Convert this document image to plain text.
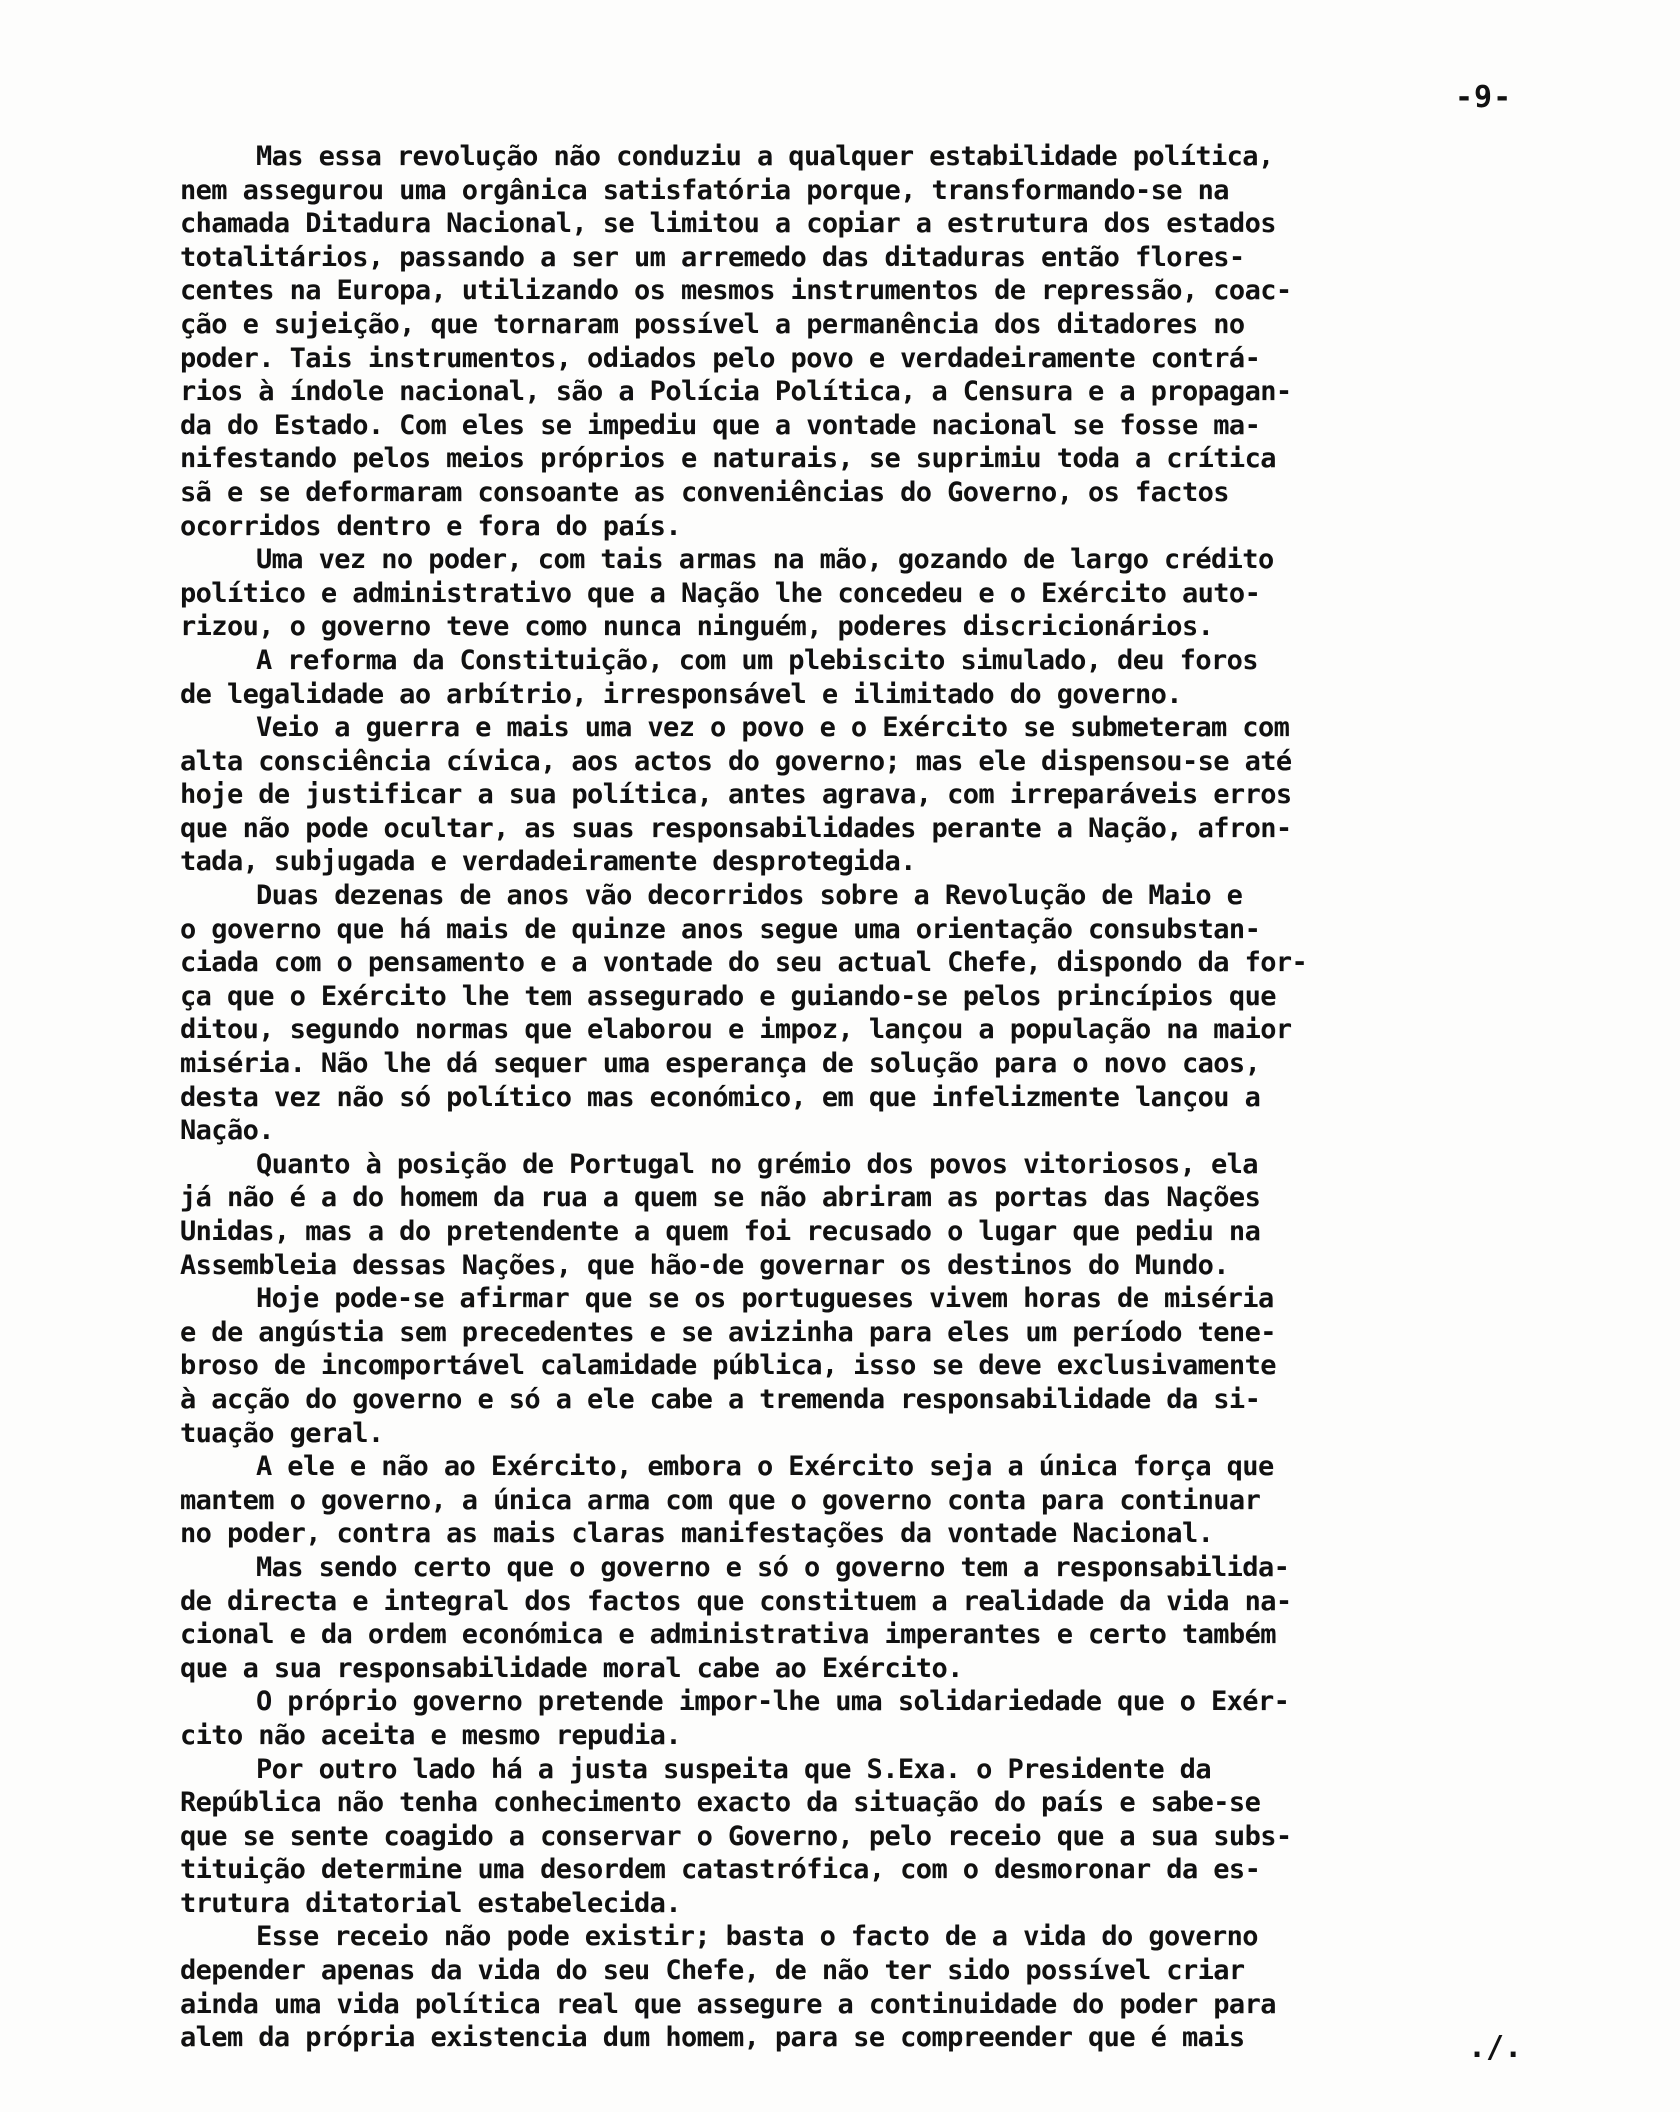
-9-
Mas essa revolução não conduziu a qualquer estabilidade política,
nem assegurou uma orgânica satisfatória porque, transformando-se na
chamada Ditadura Nacional, se limitou a copiar a estrutura dos estados
totalitários, passando a ser um arremedo das ditaduras então flores-
centes na Europa, utilizando os mesmos instrumentos de repressão, coac-
ção e sujeição, que tornaram possível a permanência dos ditadores no
poder. Tais instrumentos, odiados pelo povo e verdadeiramente contrá-
rios à índole nacional, são a Polícia Política, a Censura e a propagan-
da do Estado. Com eles se impediu que a vontade nacional se fosse ma-
nifestando pelos meios próprios e naturais, se suprimiu toda a crítica
sã e se deformaram consoante as conveniências do Governo, os factos
ocorridos dentro e fora do país.
Uma vez no poder, com tais armas na mão, gozando de largo crédito
político e administrativo que a Nação lhe concedeu e o Exército auto-
rizou, o governo teve como nunca ninguém, poderes discricionários.
A reforma da Constituição, com um plebiscito simulado, deu foros
de legalidade ao arbítrio, irresponsável e ilimitado do governo.
Veio a guerra e mais uma vez o povo e o Exército se submeteram com
alta consciência cívica, aos actos do governo; mas ele dispensou-se até
hoje de justificar a sua política, antes agrava, com irreparáveis erros
que não pode ocultar, as suas responsabilidades perante a Nação, afron-
tada, subjugada e verdadeiramente desprotegida.
Duas dezenas de anos vão decorridos sobre a Revolução de Maio e
o governo que há mais de quinze anos segue uma orientação consubstan-
ciada com o pensamento e a vontade do seu actual Chefe, dispondo da for-
ça que o Exército lhe tem assegurado e guiando-se pelos princípios que
ditou, segundo normas que elaborou e impoz, lançou a população na maior
miséria. Não lhe dá sequer uma esperança de solução para o novo caos,
desta vez não só político mas económico, em que infelizmente lançou a
Nação.
Quanto à posição de Portugal no grémio dos povos vitoriosos, ela
já não é a do homem da rua a quem se não abriram as portas das Nações
Unidas, mas a do pretendente a quem foi recusado o lugar que pediu na
Assembleia dessas Nações, que hão-de governar os destinos do Mundo.
Hoje pode-se afirmar que se os portugueses vivem horas de miséria
e de angústia sem precedentes e se avizinha para eles um período tene-
broso de incomportável calamidade pública, isso se deve exclusivamente
à acção do governo e só a ele cabe a tremenda responsabilidade da si-
tuação geral.
A ele e não ao Exército, embora o Exército seja a única força que
mantem o governo, a única arma com que o governo conta para continuar
no poder, contra as mais claras manifestações da vontade Nacional.
Mas sendo certo que o governo e só o governo tem a responsabilida-
de directa e integral dos factos que constituem a realidade da vida na-
cional e da ordem económica e administrativa imperantes e certo também
que a sua responsabilidade moral cabe ao Exército.
O próprio governo pretende impor-lhe uma solidariedade que o Exér-
cito não aceita e mesmo repudia.
Por outro lado há a justa suspeita que S.Exa. o Presidente da
República não tenha conhecimento exacto da situação do país e sabe-se
que se sente coagido a conservar o Governo, pelo receio que a sua subs-
tituição determine uma desordem catastrófica, com o desmoronar da es-
trutura ditatorial estabelecida.
Esse receio não pode existir; basta o facto de a vida do governo
depender apenas da vida do seu Chefe, de não ter sido possível criar
ainda uma vida política real que assegure a continuidade do poder para
alem da própria existencia dum homem, para se compreender que é mais	./.
